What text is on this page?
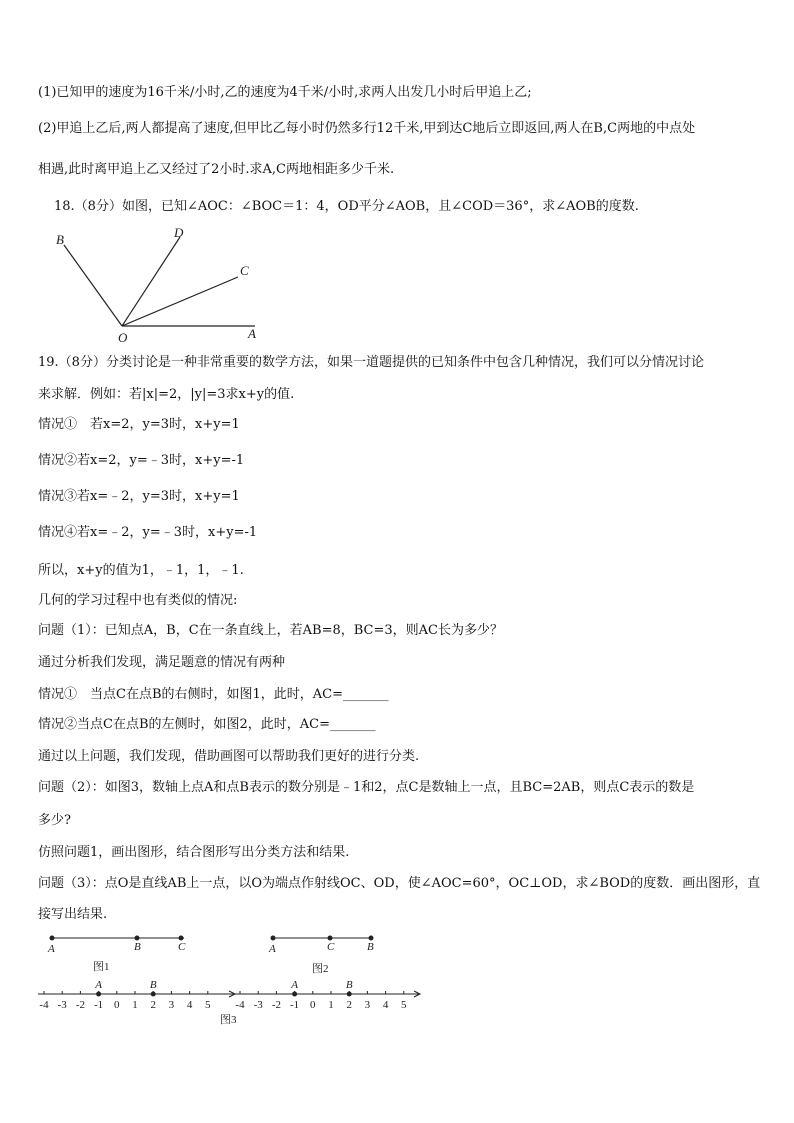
(1)已知甲的速度为16千米/小时,乙的速度为4千米/小时,求两人出发几小时后甲追上乙;
(2)甲追上乙后,两人都提高了速度,但甲比乙每小时仍然多行12千米,甲到达C地后立即返回,两人在B,C两地的中点处
相遇,此时离甲追上乙又经过了2小时.求A,C两地相距多少千米.
18.（8分）如图，已知∠AOC：∠BOC＝1：4，OD平分∠AOB，且∠COD＝36°，求∠AOB的度数.
B	D
C
O	A
19.（8分）分类讨论是一种非常重要的数学方法，如果一道题提供的已知条件中包含几种情况，我们可以分情况讨论
来求解．例如：若|x|=2，|y|=3求x+y的值.
情况①　若x=2，y=3时，x+y=1
情况②若x=2，y=﹣3时，x+y=-1
情况③若x=﹣2，y=3时，x+y=1
情况④若x=﹣2，y=﹣3时，x+y=-1
所以，x+y的值为1，﹣1，1，﹣1.
几何的学习过程中也有类似的情况:
问题（1）：已知点A，B，C在一条直线上，若AB=8，BC=3，则AC长为多少？
通过分析我们发现，满足题意的情况有两种
情况①　当点C在点B的右侧时，如图1，此时，AC=_______
情况②当点C在点B的左侧时，如图2，此时，AC=_______
通过以上问题，我们发现，借助画图可以帮助我们更好的进行分类.
问题（2）：如图3，数轴上点A和点B表示的数分别是﹣1和2，点C是数轴上一点，且BC=2AB，则点C表示的数是
多少?
仿照问题1，画出图形，结合图形写出分类方法和结果.
问题（3）：点O是直线AB上一点，以O为端点作射线OC、OD，使∠AOC=60°，OC⊥OD，求∠BOD的度数．画出图形，直
接写出结果.
A	B	C
图1
A	C	B
图2
-4 -3 -2 -1 0 1 2 3 4 5
A	B
-4 -3 -2 -1 0 1 2 3 4 5
A	B
图3
